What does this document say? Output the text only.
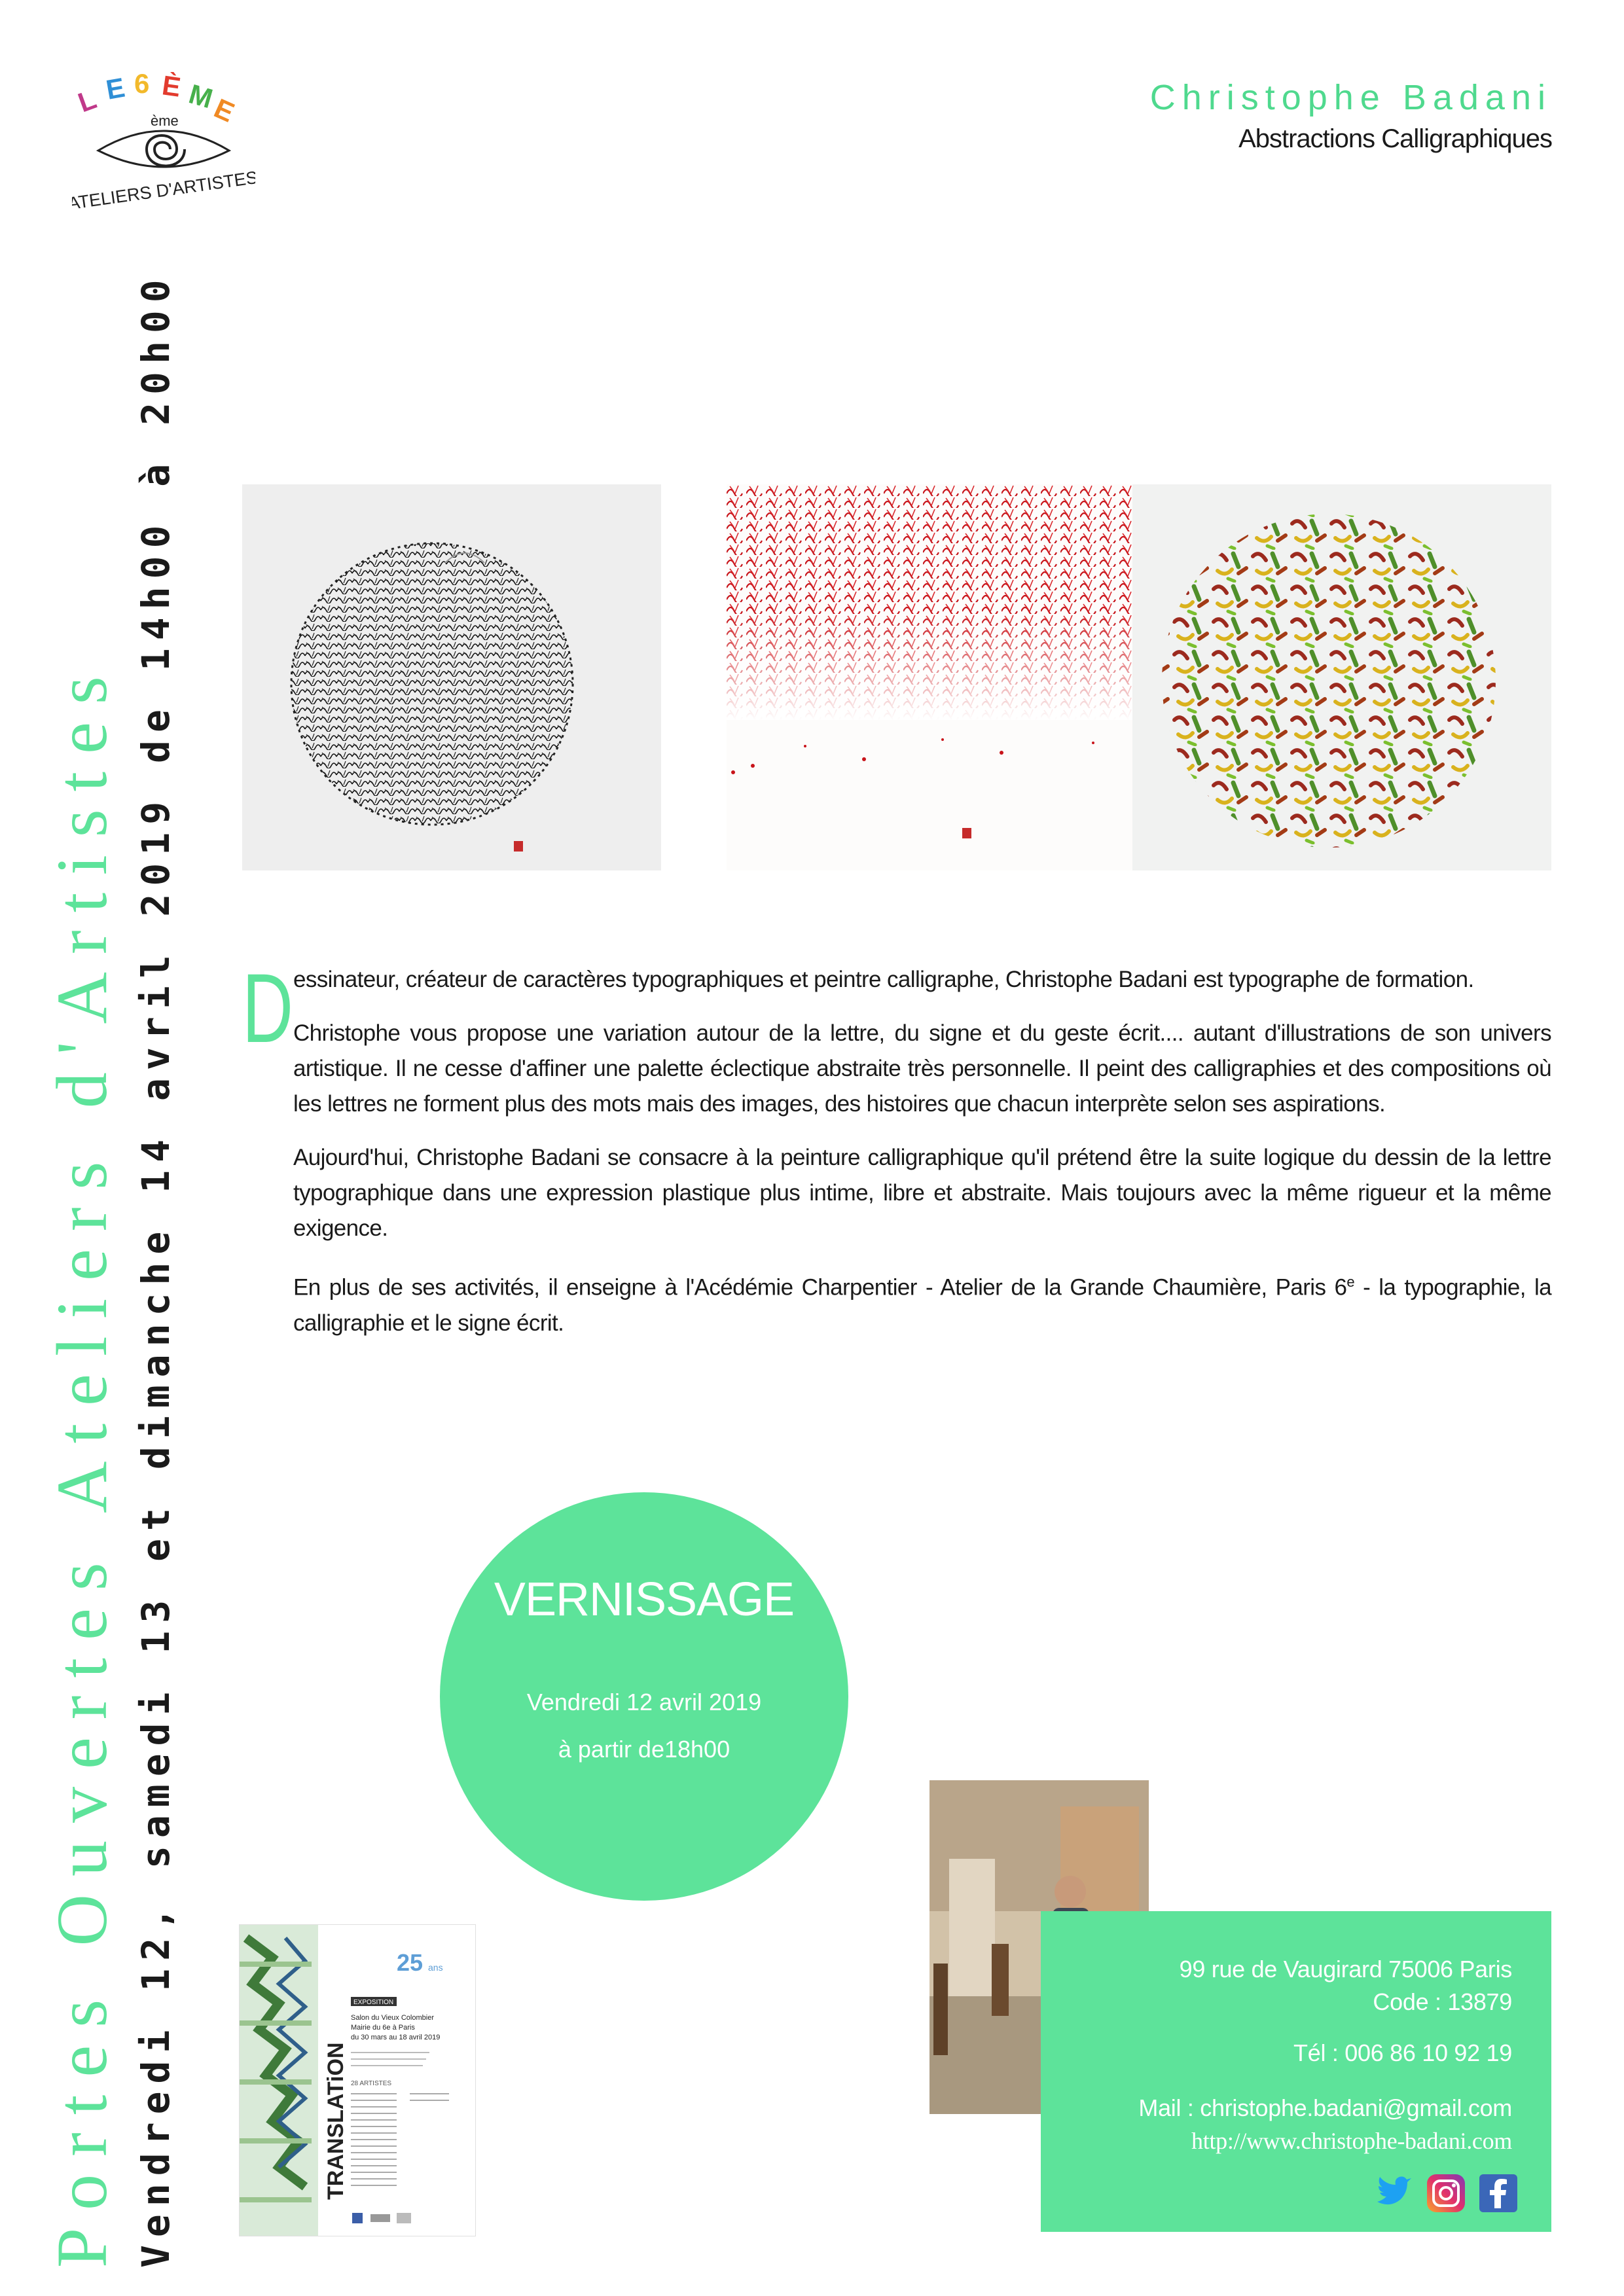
L E 6 È M
E
ème
ATELIERS D'ARTISTES
Christophe Badani
Abstractions Calligraphiques
Portes Ouvertes Ateliers d'Artistes Vendredi 12, samedi 13 et dimanche 14 avril 2019 de 14h00 à 20h00 D essinateur, créateur de caractères typographiques et peintre calligraphe, Christophe Badani est typographe de formation.

Christophe vous propose une variation autour de la lettre, du signe et du geste écrit.... autant d'illustrations de son univers artistique. Il ne cesse d'affiner une palette éclectique abstraite très personnelle. Il peint des calligraphies et des compositions où les lettres ne forment plus des mots mais des images, des histoires que chacun interprète selon ses aspirations.

Aujourd'hui, Christophe Badani se consacre à la peinture calligraphique qu'il prétend être la suite logique du dessin de la lettre typographique dans une expression plastique plus intime, libre et abstraite. Mais toujours avec la même rigueur et la même exigence.

En plus de ses activités, il enseigne à l'Acédémie Charpentier - Atelier de la Grande Chaumière, Paris 6e - la typographie, la calligraphie et le signe écrit.

VERNISSAGE
Vendredi 12 avril 2019
à partir de18h00
99 rue de Vaugirard 75006 Paris
Code : 13879
Tél : 006 86 10 92 19
Mail : christophe.badani@gmail.com
http://www.christophe-badani.com
TRANSLATiON
25 ans
EXPOSITION
Salon du Vieux Colombier
Mairie du 6e à Paris
du 30 mars au 18 avril 2019
28 ARTISTES
